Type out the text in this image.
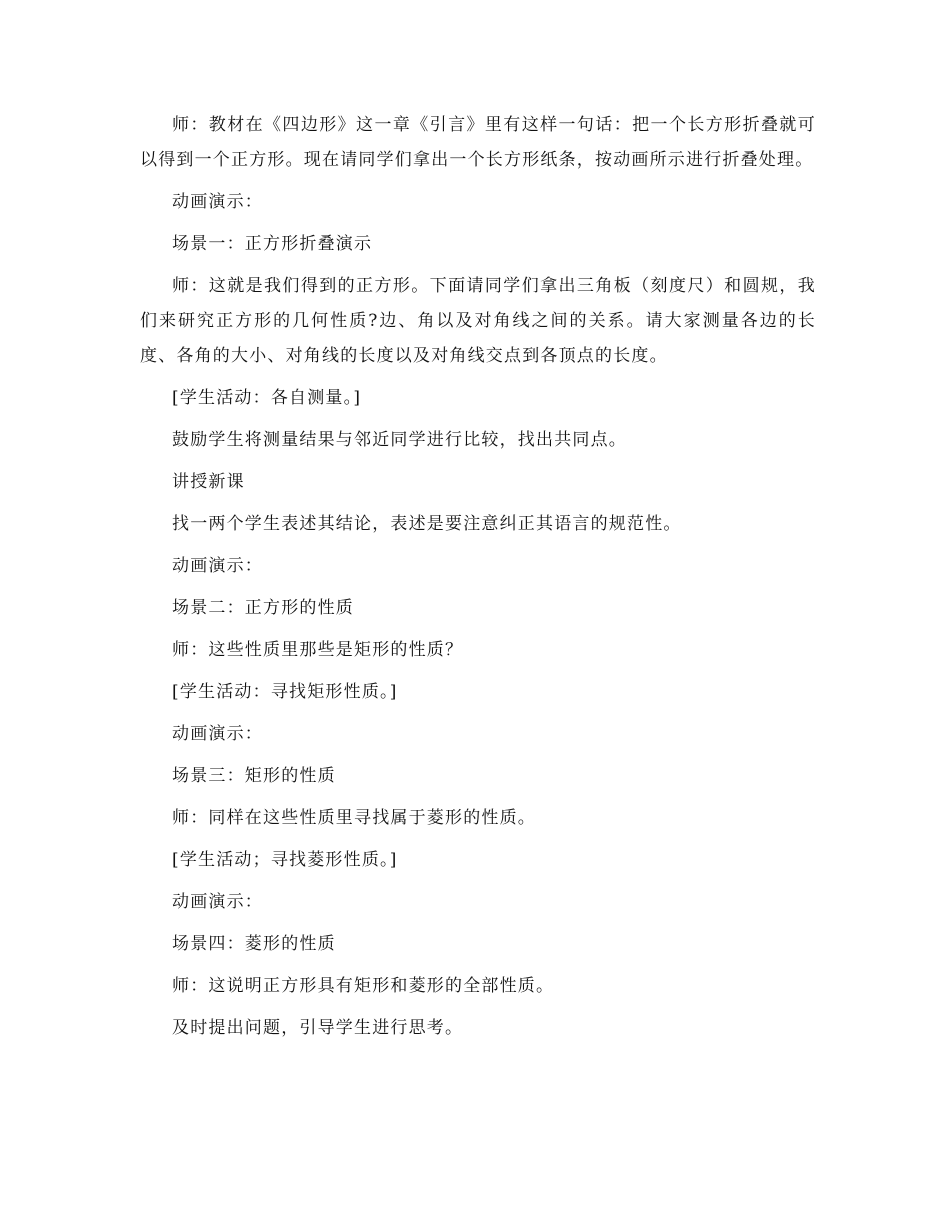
师：教材在《四边形》这一章《引言》里有这样一句话：把一个长方形折叠就可以得到一个正方形。现在请同学们拿出一个长方形纸条，按动画所示进行折叠处理。

动画演示：

场景一：正方形折叠演示

师：这就是我们得到的正方形。下面请同学们拿出三角板（刻度尺）和圆规，我们来研究正方形的几何性质?边、角以及对角线之间的关系。请大家测量各边的长度、各角的大小、对角线的长度以及对角线交点到各顶点的长度。

[学生活动：各自测量。]

鼓励学生将测量结果与邻近同学进行比较，找出共同点。

讲授新课

找一两个学生表述其结论，表述是要注意纠正其语言的规范性。

动画演示：

场景二：正方形的性质

师：这些性质里那些是矩形的性质？

[学生活动：寻找矩形性质。]

动画演示：

场景三：矩形的性质

师：同样在这些性质里寻找属于菱形的性质。

[学生活动；寻找菱形性质。]

动画演示：

场景四：菱形的性质

师：这说明正方形具有矩形和菱形的全部性质。

及时提出问题，引导学生进行思考。
